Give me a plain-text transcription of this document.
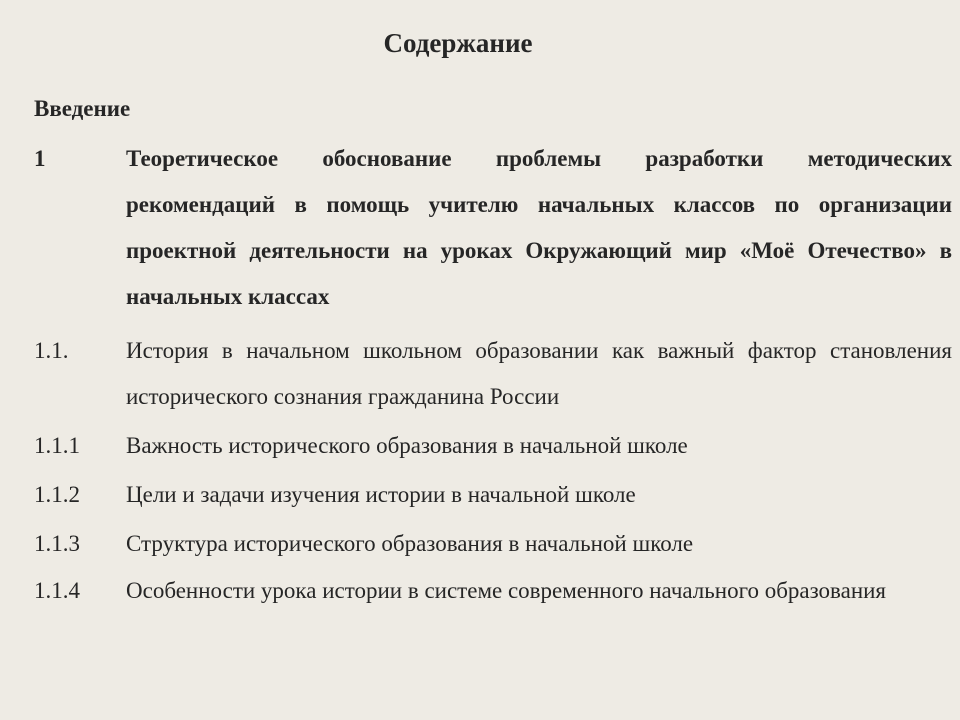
Содержание
Введение
1	Теоретическое обоснование проблемы разработки методических рекомендаций в помощь учителю начальных классов по организации проектной деятельности на уроках Окружающий мир «Моё Отечество» в начальных классах
1.1.	История в начальном школьном образовании как важный фактор становления исторического сознания гражданина России
1.1.1 Важность исторического образования в начальной школе
1.1.2 Цели и задачи изучения истории в начальной школе
1.1.3 Структура исторического образования в начальной школе
1.1.4 Особенности урока истории в системе современного начального образования
